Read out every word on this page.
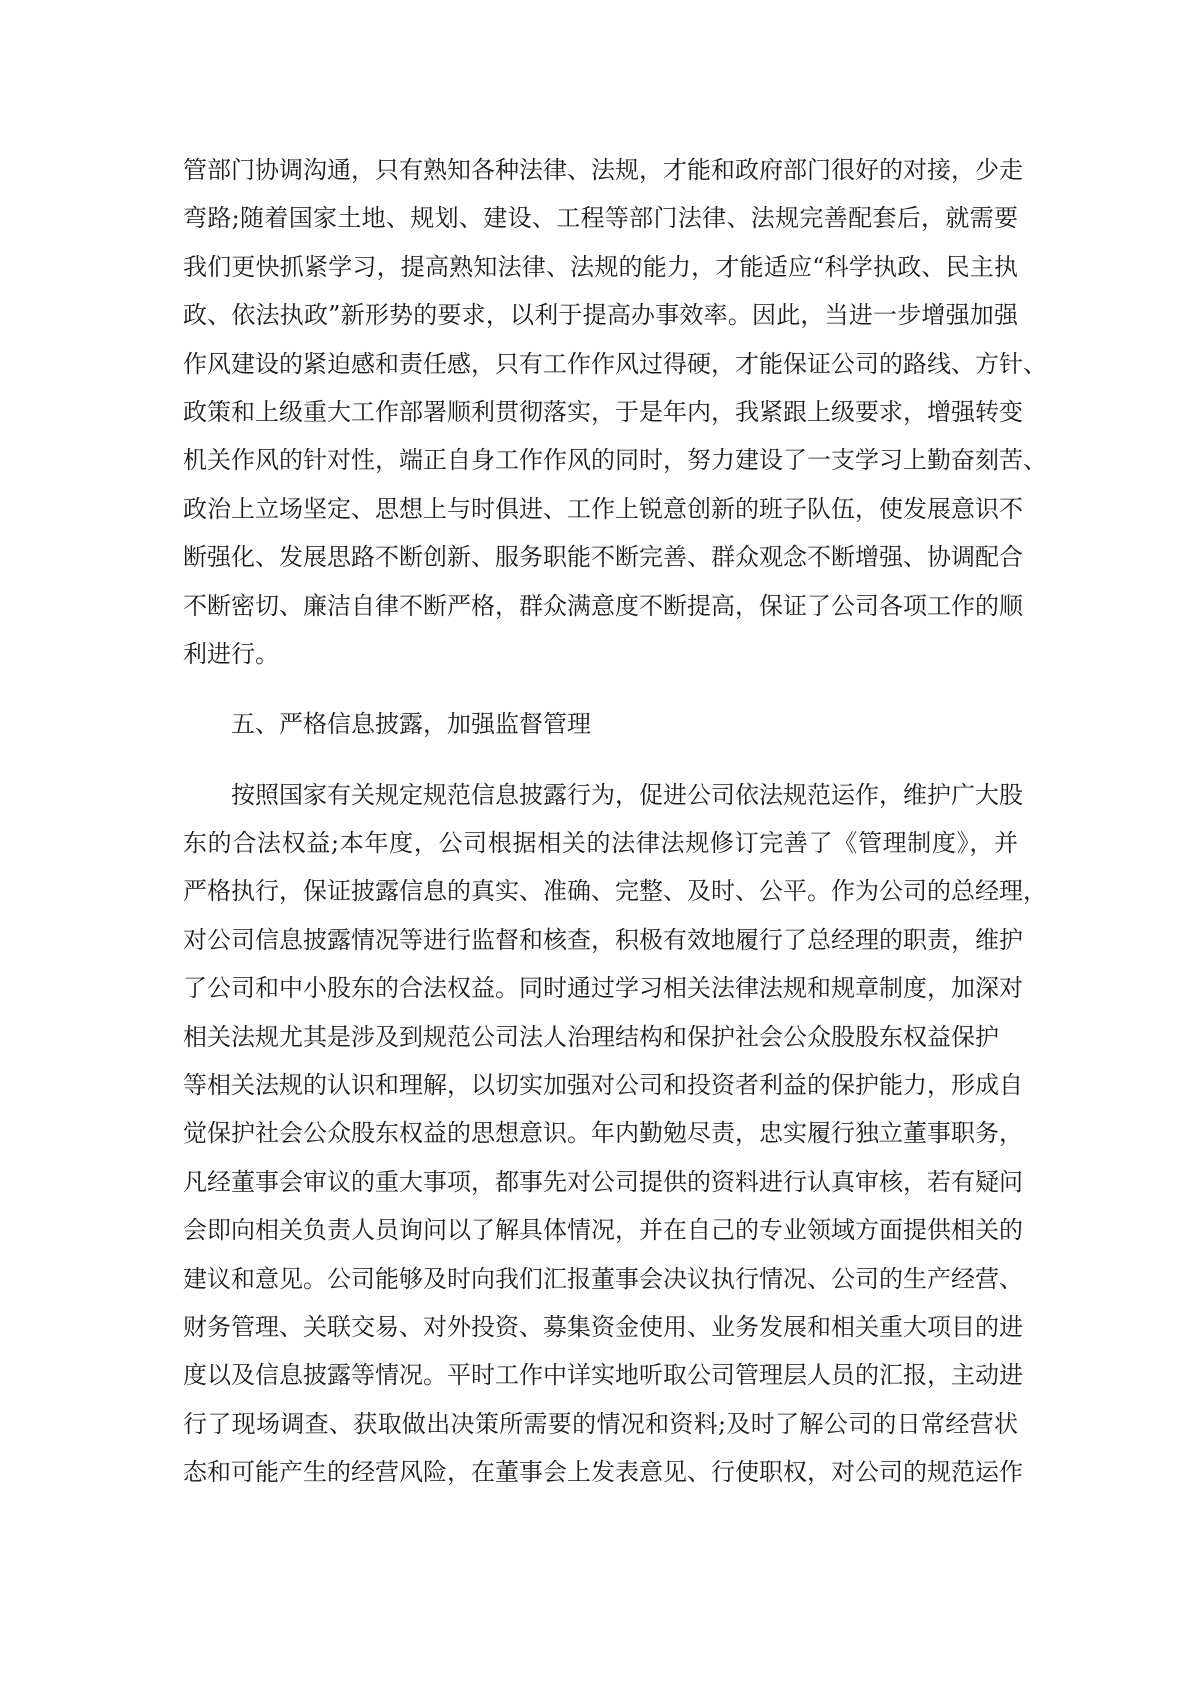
管部门协调沟通，只有熟知各种法律、法规，才能和政府部门很好的对接，少走
弯路;随着国家土地、规划、建设、工程等部门法律、法规完善配套后，就需要
我们更快抓紧学习，提高熟知法律、法规的能力，才能适应“科学执政、民主执
政、依法执政”新形势的要求，以利于提高办事效率。因此，当进一步增强加强
作风建设的紧迫感和责任感，只有工作作风过得硬，才能保证公司的路线、方针、
政策和上级重大工作部署顺利贯彻落实，于是年内，我紧跟上级要求，增强转变
机关作风的针对性，端正自身工作作风的同时，努力建设了一支学习上勤奋刻苦、
政治上立场坚定、思想上与时俱进、工作上锐意创新的班子队伍，使发展意识不
断强化、发展思路不断创新、服务职能不断完善、群众观念不断增强、协调配合
不断密切、廉洁自律不断严格，群众满意度不断提高，保证了公司各项工作的顺
利进行。
五、严格信息披露，加强监督管理
按照国家有关规定规范信息披露行为，促进公司依法规范运作，维护广大股
东的合法权益;本年度，公司根据相关的法律法规修订完善了《管理制度》，并
严格执行，保证披露信息的真实、准确、完整、及时、公平。作为公司的总经理，
对公司信息披露情况等进行监督和核查，积极有效地履行了总经理的职责，维护
了公司和中小股东的合法权益。同时通过学习相关法律法规和规章制度，加深对
相关法规尤其是涉及到规范公司法人治理结构和保护社会公众股股东权益保护
等相关法规的认识和理解，以切实加强对公司和投资者利益的保护能力，形成自
觉保护社会公众股东权益的思想意识。年内勤勉尽责，忠实履行独立董事职务，
凡经董事会审议的重大事项，都事先对公司提供的资料进行认真审核，若有疑问
会即向相关负责人员询问以了解具体情况，并在自己的专业领域方面提供相关的
建议和意见。公司能够及时向我们汇报董事会决议执行情况、公司的生产经营、
财务管理、关联交易、对外投资、募集资金使用、业务发展和相关重大项目的进
度以及信息披露等情况。平时工作中详实地听取公司管理层人员的汇报，主动进
行了现场调查、获取做出决策所需要的情况和资料;及时了解公司的日常经营状
态和可能产生的经营风险，在董事会上发表意见、行使职权，对公司的规范运作
